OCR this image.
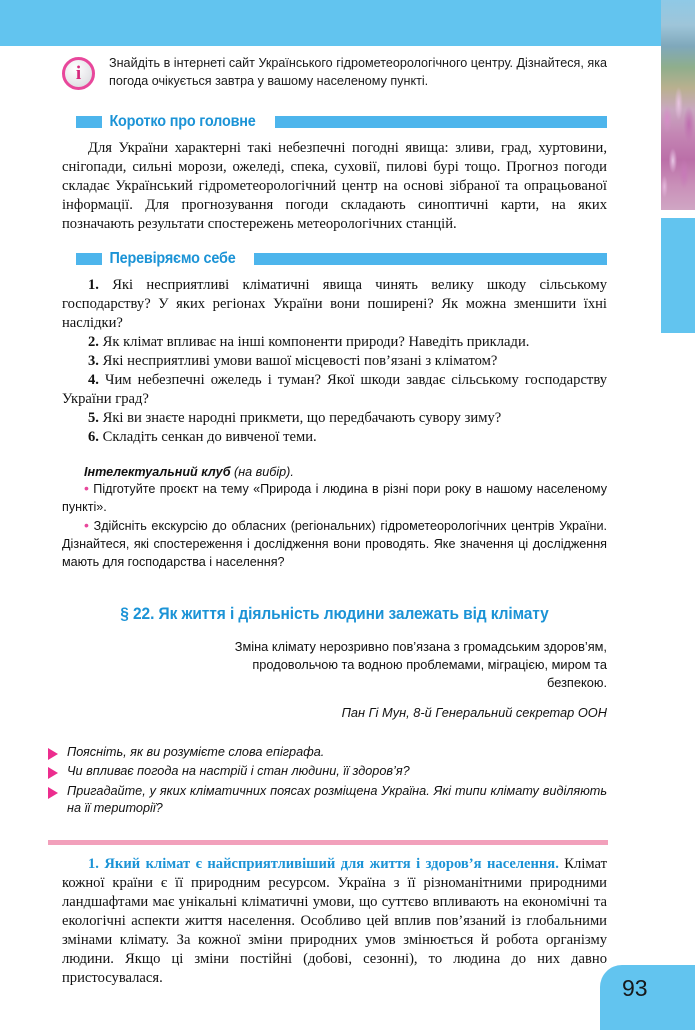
93
i	Знайдіть в інтернеті сайт Українського гідрометеорологічного центру. Дізнайтеся, яка погода очікується завтра у вашому населеному пункті.
Коротко про головне

Для України характерні такі небезпечні погодні явища: зливи, град, хуртовини, снігопади, сильні морози, ожеледі, спека, суховії, пилові бурі тощо. Прогноз погоди складає Український гідрометеорологічний центр на основі зібраної та опрацьованої інформації. Для прогнозування погоди складають синоптичні карти, на яких позначають результати спостережень метеорологічних станцій.

Перевіряємо себе
1. Які несприятливі кліматичні явища чинять велику шкоду сільському господарству? У яких регіонах України вони поширені? Як можна зменшити їхні наслідки?
2. Як клімат впливає на інші компоненти природи? Наведіть приклади.
3. Які несприятливі умови вашої місцевості пов’язані з кліматом?
4. Чим небезпечні ожеледь і туман? Якої шкоди завдає сільському господарству України град?
5. Які ви знаєте народні прикмети, що передбачають сувору зиму?
6. Складіть сенкан до вивченої теми.
Інтелектуальний клуб (на вибір).
• Підготуйте проєкт на тему «Природа і людина в різні пори року в нашому населеному пункті».
• Здійсніть екскурсію до обласних (регіональних) гідрометеорологічних центрів України. Дізнайтеся, які спостереження і дослідження вони проводять. Яке значення ці дослідження мають для господарства і населення?
§ 22. Як життя і діяльність людини залежать від клімату
Зміна клімату нерозривно пов’язана з громадським здоров’ям, продовольчою та водною проблемами, міграцією, миром та безпекою.
Пан Гі Мун, 8-й Генеральний секретар ООН
Поясніть, як ви розумієте слова епіграфа.
Чи впливає погода на настрій і стан людини, її здоров’я?
Пригадайте, у яких кліматичних поясах розміщена Україна. Які типи клімату виділяють на її території?
1. Який клімат є найсприятливіший для життя і здоров’я населення. Клімат кожної країни є її природним ресурсом. Україна з її різноманітними природними ландшафтами має унікальні кліматичні умови, що суттєво впливають на економічні та екологічні аспекти життя населення. Особливо цей вплив пов’язаний із глобальними змінами клімату. За кожної зміни природних умов змінюється й робота організму людини. Якщо ці зміни постійні (добові, сезонні), то людина до них давно пристосувалася.
